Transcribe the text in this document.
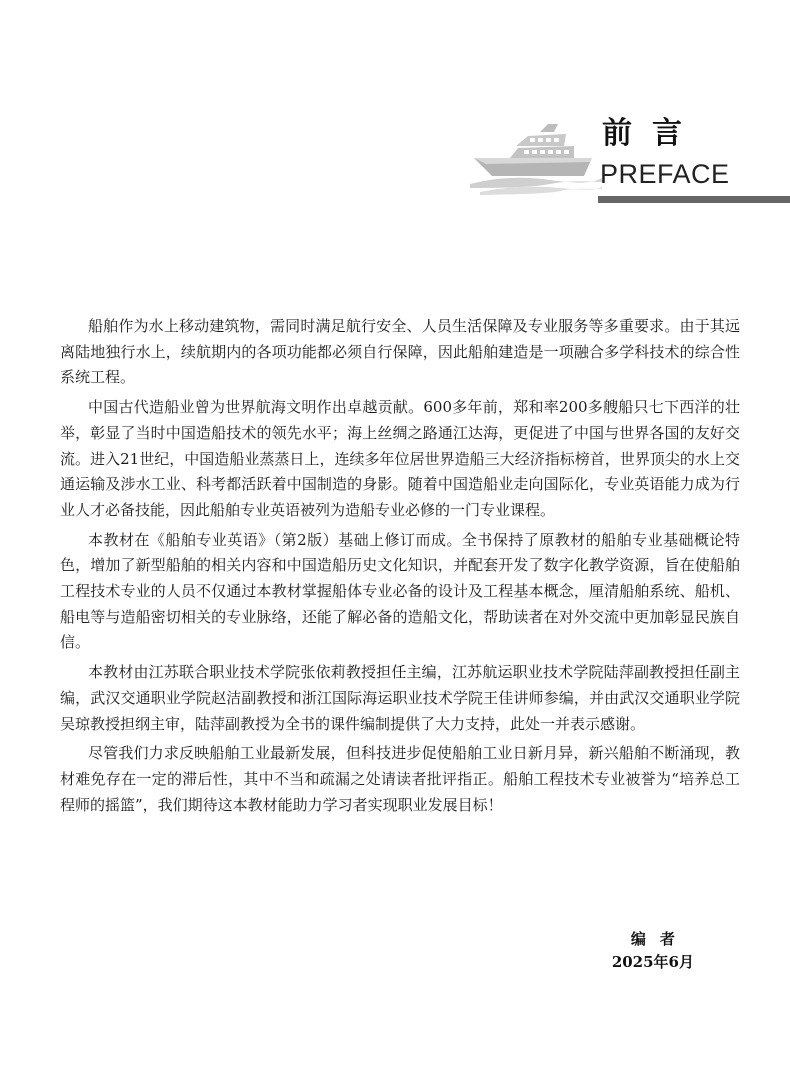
前言
PREFACE

船舶作为水上移动建筑物，需同时满足航行安全、人员生活保障及专业服务等多重要求。由于其远离陆地独行水上，续航期内的各项功能都必须自行保障，因此船舶建造是一项融合多学科技术的综合性系统工程。

中国古代造船业曾为世界航海文明作出卓越贡献。600多年前，郑和率200多艘船只七下西洋的壮举，彰显了当时中国造船技术的领先水平；海上丝绸之路通江达海，更促进了中国与世界各国的友好交流。进入21世纪，中国造船业蒸蒸日上，连续多年位居世界造船三大经济指标榜首，世界顶尖的水上交通运输及涉水工业、科考都活跃着中国制造的身影。随着中国造船业走向国际化，专业英语能力成为行业人才必备技能，因此船舶专业英语被列为造船专业必修的一门专业课程。

本教材在《船舶专业英语》（第2版）基础上修订而成。全书保持了原教材的船舶专业基础概论特色，增加了新型船舶的相关内容和中国造船历史文化知识，并配套开发了数字化教学资源，旨在使船舶工程技术专业的人员不仅通过本教材掌握船体专业必备的设计及工程基本概念，厘清船舶系统、船机、船电等与造船密切相关的专业脉络，还能了解必备的造船文化，帮助读者在对外交流中更加彰显民族自信。

本教材由江苏联合职业技术学院张依莉教授担任主编，江苏航运职业技术学院陆萍副教授担任副主编，武汉交通职业学院赵洁副教授和浙江国际海运职业技术学院王佳讲师参编，并由武汉交通职业学院吴琼教授担纲主审，陆萍副教授为全书的课件编制提供了大力支持，此处一并表示感谢。

尽管我们力求反映船舶工业最新发展，但科技进步促使船舶工业日新月异，新兴船舶不断涌现，教材难免存在一定的滞后性，其中不当和疏漏之处请读者批评指正。船舶工程技术专业被誉为“培养总工程师的摇篮”，我们期待这本教材能助力学习者实现职业发展目标！

编者
2025年6月
